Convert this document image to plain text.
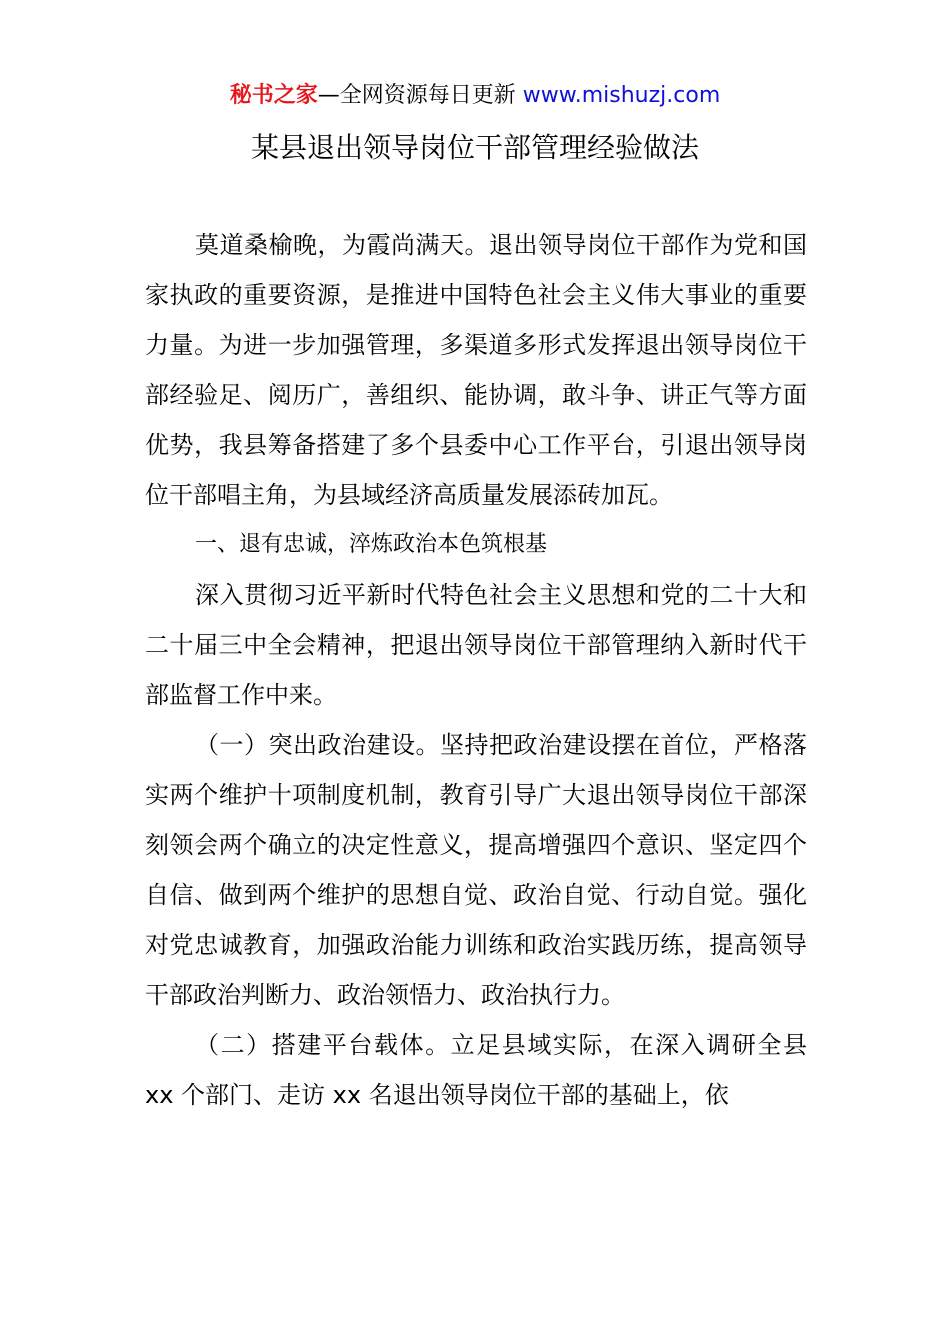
秘书之家—全网资源每日更新 www.mishuzj.com
某县退出领导岗位干部管理经验做法

莫道桑榆晚，为霞尚满天。退出领导岗位干部作为党和国家执政的重要资源，是推进中国特色社会主义伟大事业的重要力量。为进一步加强管理，多渠道多形式发挥退出领导岗位干部经验足、阅历广，善组织、能协调，敢斗争、讲正气等方面优势，我县筹备搭建了多个县委中心工作平台，引退出领导岗位干部唱主角，为县域经济高质量发展添砖加瓦。

一、退有忠诚，淬炼政治本色筑根基

深入贯彻习近平新时代特色社会主义思想和党的二十大和二十届三中全会精神，把退出领导岗位干部管理纳入新时代干部监督工作中来。

（一）突出政治建设。坚持把政治建设摆在首位，严格落实两个维护十项制度机制，教育引导广大退出领导岗位干部深刻领会两个确立的决定性意义，提高增强四个意识、坚定四个自信、做到两个维护的思想自觉、政治自觉、行动自觉。强化对党忠诚教育，加强政治能力训练和政治实践历练，提高领导干部政治判断力、政治领悟力、政治执行力。

（二）搭建平台载体。立足县域实际，在深入调研全县 xx 个部门、走访 xx 名退出领导岗位干部的基础上，依
